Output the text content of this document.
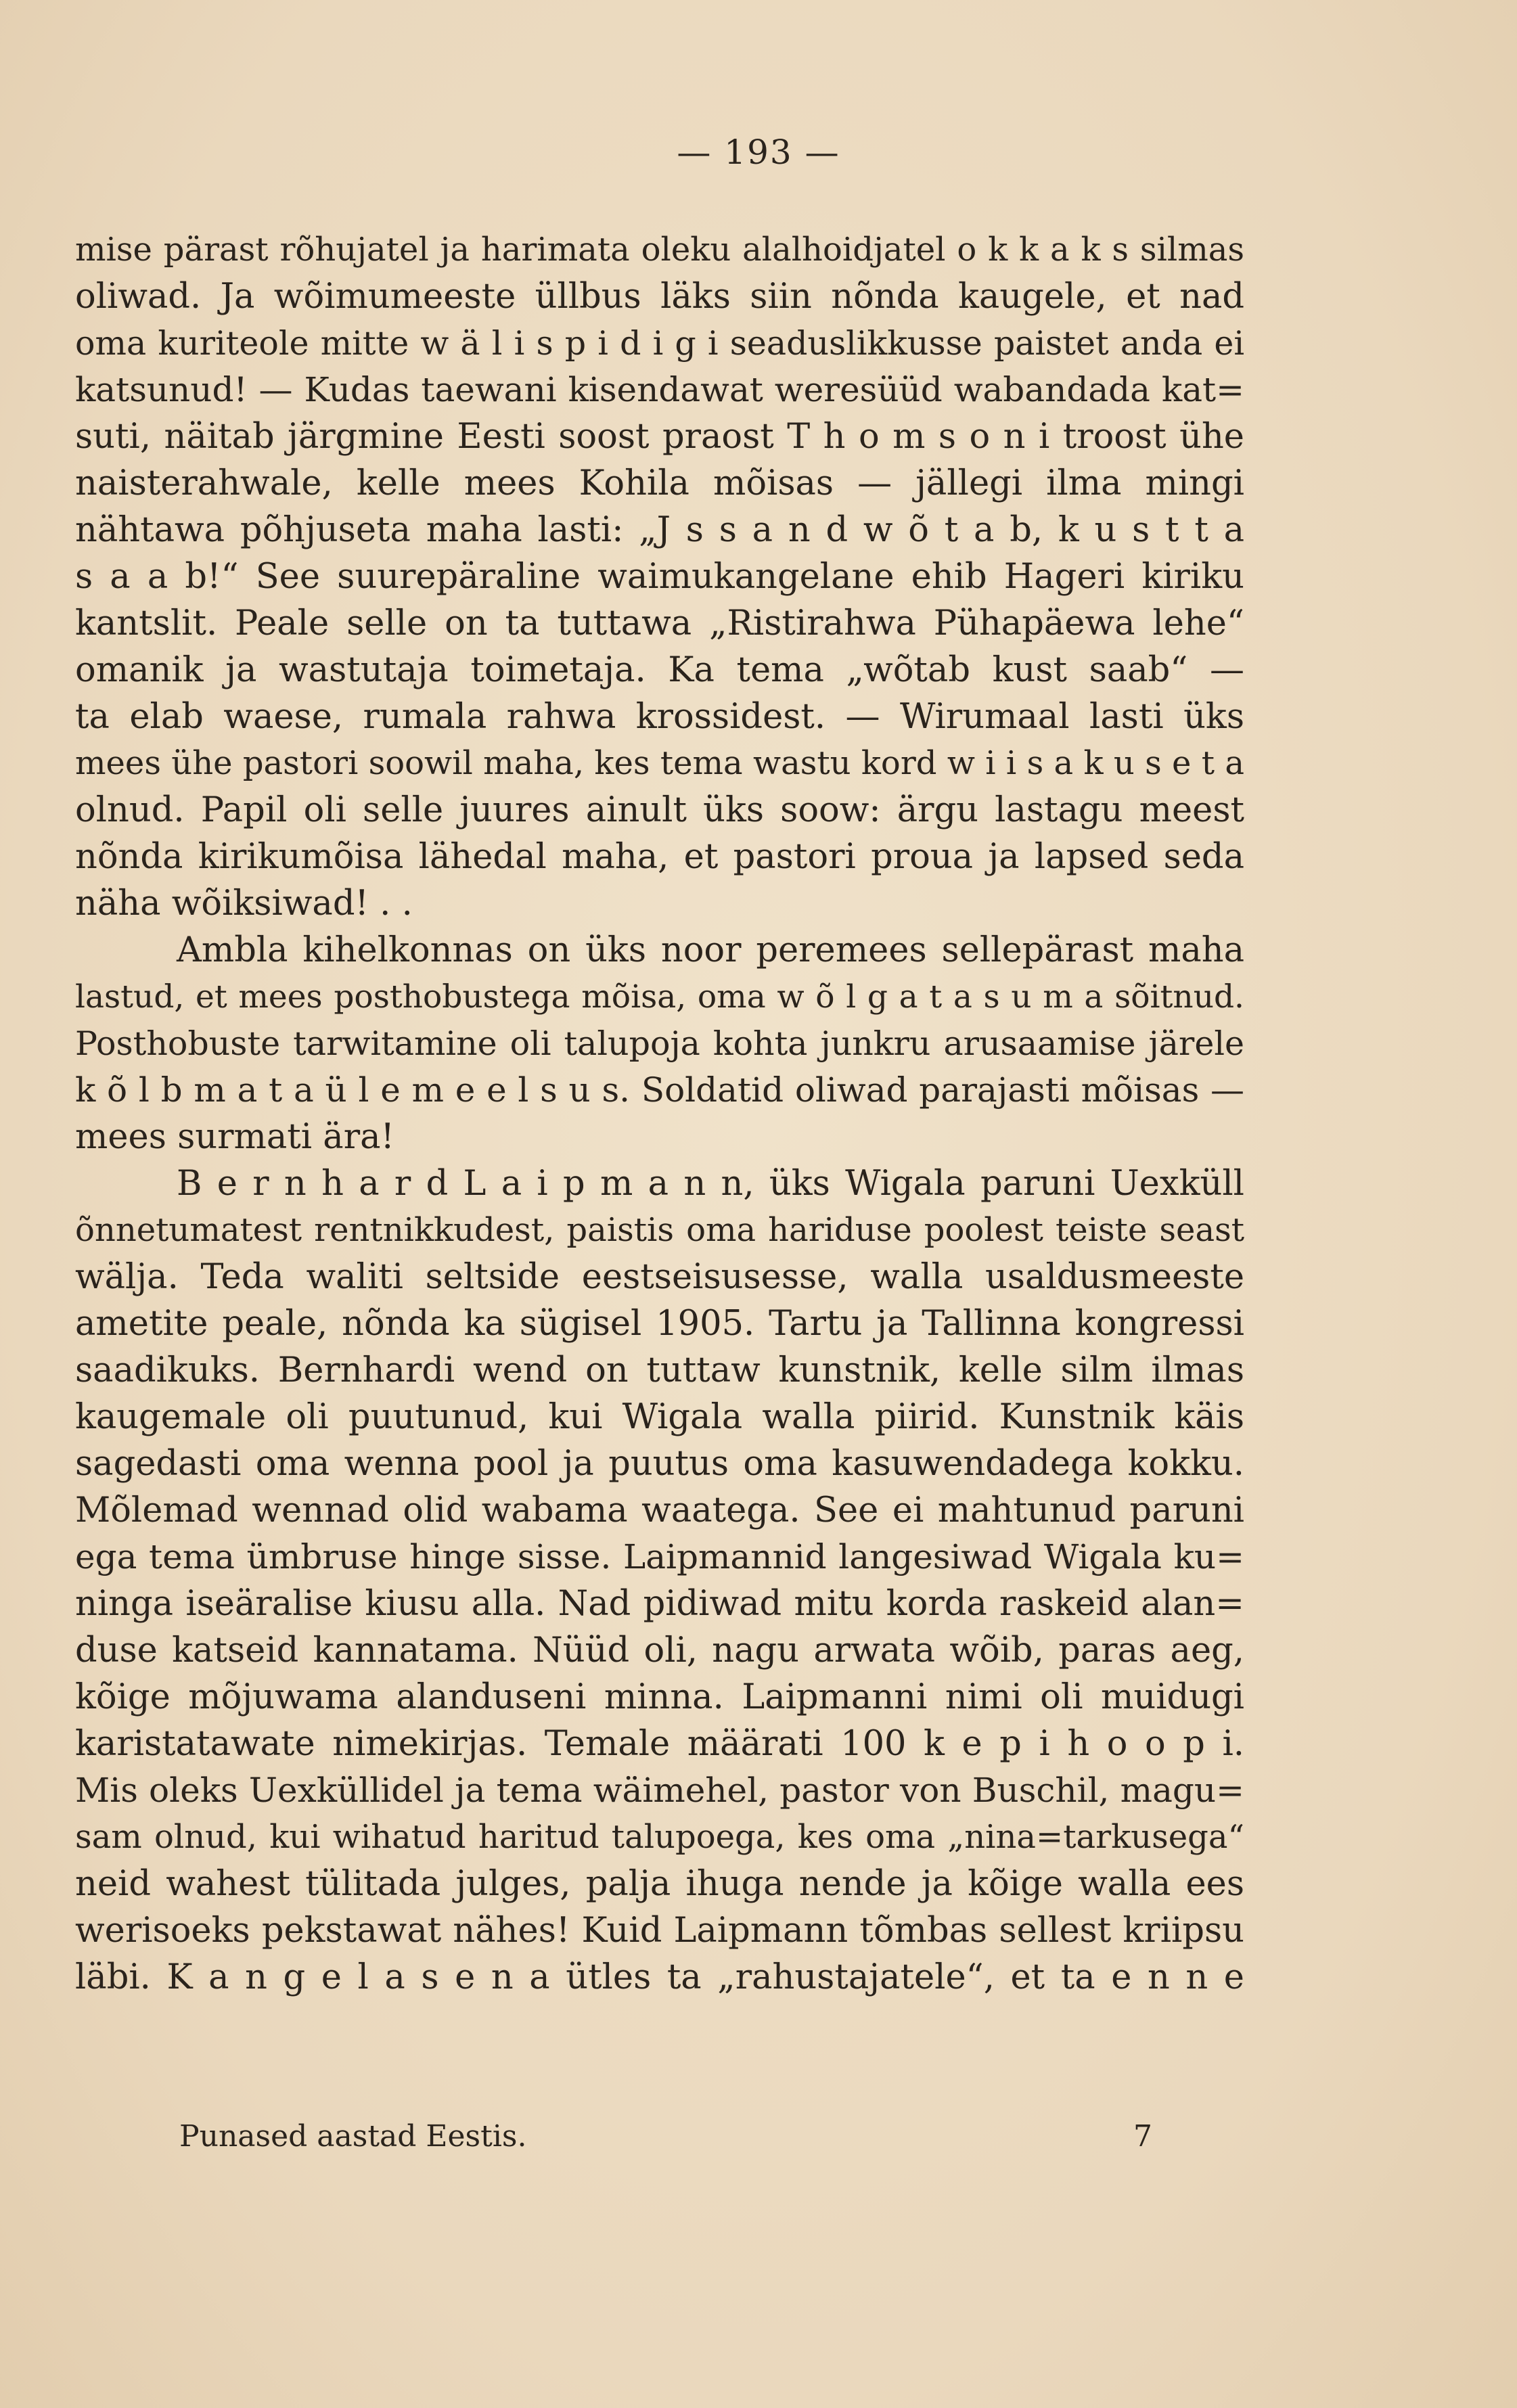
— 193 —
mise pärast rõhujatel ja harimata oleku alalhoidjatel o k k a k s silmas
oliwad. Ja wõimumeeste üllbus läks siin nõnda kaugele, et nad
oma kuriteole mitte w ä l i s p i d i g i seaduslikkusse paistet anda ei
katsunud! — Kudas taewani kisendawat weresüüd wabandada kat=
suti, näitab järgmine Eesti soost praost T h o m s o n i troost ühe
naisterahwale, kelle mees Kohila mõisas — jällegi ilma mingi
nähtawa põhjuseta maha lasti: „J s s a n d w õ t a b, k u s t t a
s a a b!“ See suurepäraline waimukangelane ehib Hageri kiriku
kantslit. Peale selle on ta tuttawa „Ristirahwa Pühapäewa lehe“
omanik ja wastutaja toimetaja. Ka tema „wõtab kust saab“ —
ta elab waese, rumala rahwa krossidest. — Wirumaal lasti üks
mees ühe pastori soowil maha, kes tema wastu kord w i i s a k u s e t a
olnud. Papil oli selle juures ainult üks soow: ärgu lastagu meest
nõnda kirikumõisa lähedal maha, et pastori proua ja lapsed seda
näha wõiksiwad! . .
Ambla kihelkonnas on üks noor peremees sellepärast maha
lastud, et mees posthobustega mõisa, oma w õ l g a t a s u m a sõitnud.
Posthobuste tarwitamine oli talupoja kohta junkru arusaamise järele
k õ l b m a t a ü l e m e e l s u s. Soldatid oliwad parajasti mõisas —
mees surmati ära!
B e r n h a r d L a i p m a n n, üks Wigala paruni Uexküll
õnnetumatest rentnikkudest, paistis oma hariduse poolest teiste seast
wälja. Teda waliti seltside eestseisusesse, walla usaldusmeeste
ametite peale, nõnda ka sügisel 1905. Tartu ja Tallinna kongressi
saadikuks. Bernhardi wend on tuttaw kunstnik, kelle silm ilmas
kaugemale oli puutunud, kui Wigala walla piirid. Kunstnik käis
sagedasti oma wenna pool ja puutus oma kasuwendadega kokku.
Mõlemad wennad olid wabama waatega. See ei mahtunud paruni
ega tema ümbruse hinge sisse. Laipmannid langesiwad Wigala ku=
ninga iseäralise kiusu alla. Nad pidiwad mitu korda raskeid alan=
duse katseid kannatama. Nüüd oli, nagu arwata wõib, paras aeg,
kõige mõjuwama alanduseni minna. Laipmanni nimi oli muidugi
karistatawate nimekirjas. Temale määrati 100 k e p i h o o p i.
Mis oleks Uexküllidel ja tema wäimehel, pastor von Buschil, magu=
sam olnud, kui wihatud haritud talupoega, kes oma „nina=tarkusega“
neid wahest tülitada julges, palja ihuga nende ja kõige walla ees
werisoeks pekstawat nähes! Kuid Laipmann tõmbas sellest kriipsu
läbi. K a n g e l a s e n a ütles ta „rahustajatele“, et ta e n n e
Punased aastad Eestis.	7
